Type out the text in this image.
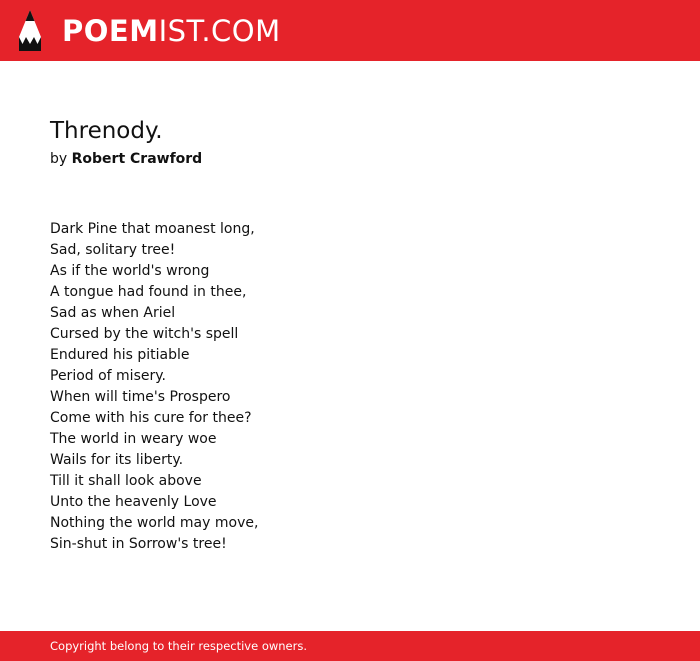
POEMIST.COM
Threnody.
by Robert Crawford
Dark Pine that moanest long,
Sad, solitary tree!
As if the world's wrong
A tongue had found in thee,
Sad as when Ariel
Cursed by the witch's spell
Endured his pitiable
Period of misery.
When will time's Prospero
Come with his cure for thee?
The world in weary woe
Wails for its liberty.
Till it shall look above
Unto the heavenly Love
Nothing the world may move,
Sin-shut in Sorrow's tree!
Copyright belong to their respective owners.
